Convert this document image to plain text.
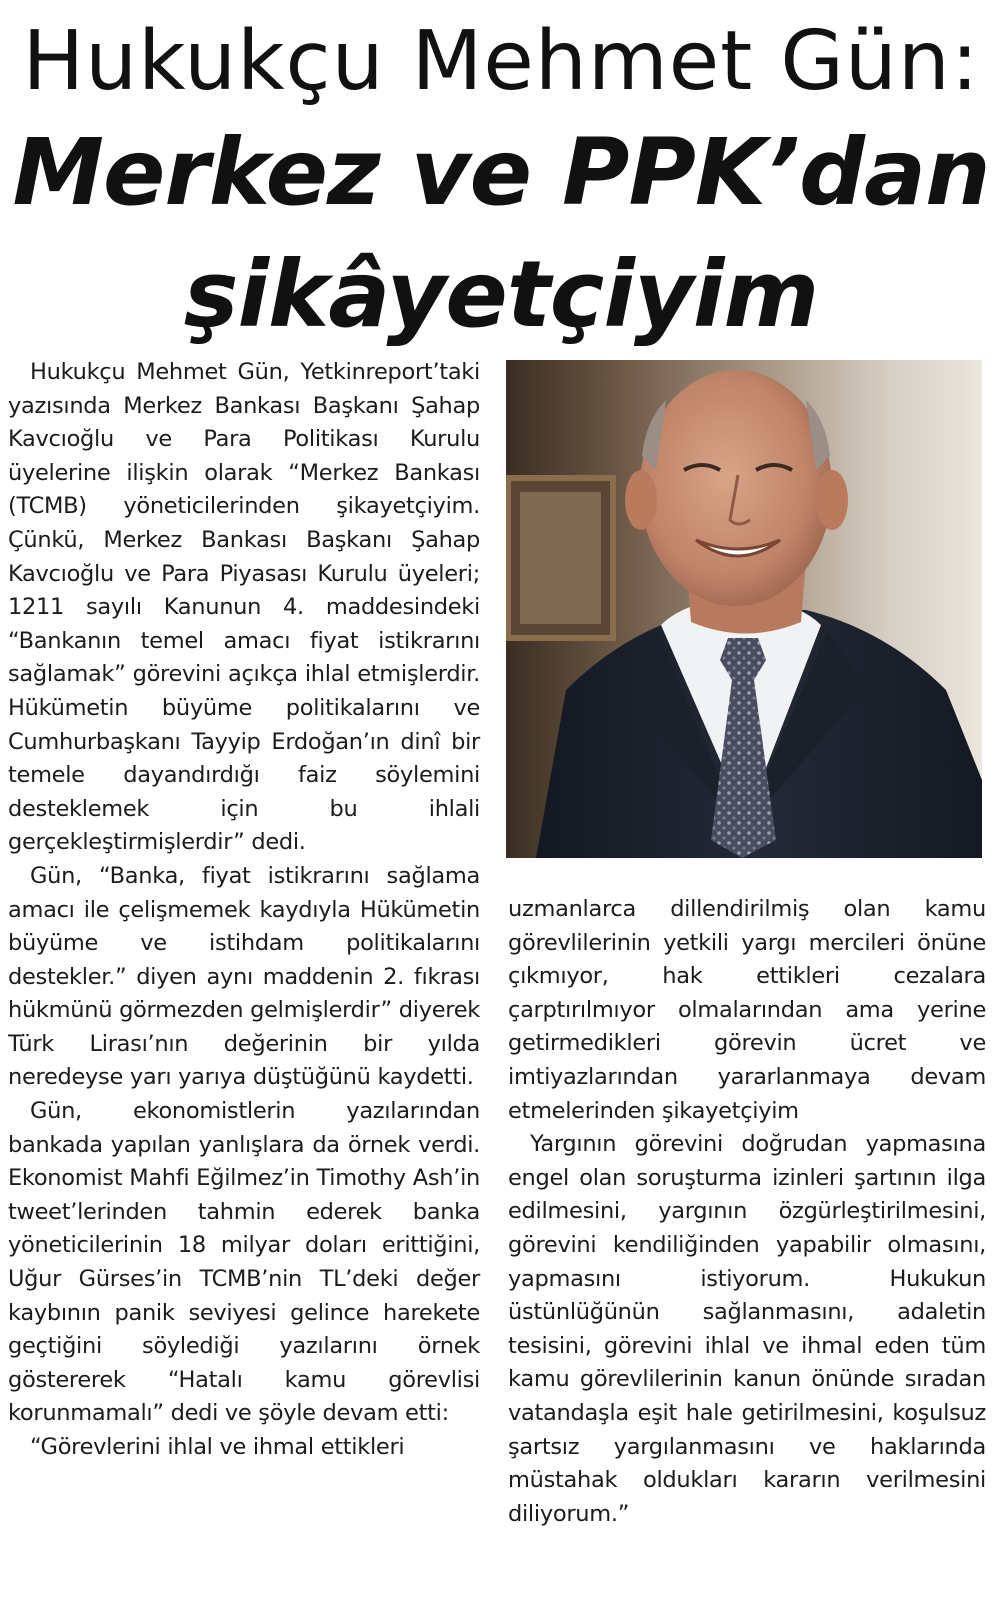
Hukukçu Mehmet Gün:
Merkez ve PPK’dan
şikâyetçiyim

Hukukçu Mehmet Gün, Yetkinreport’taki yazısında Merkez Bankası Başkanı Şahap Kavcıoğlu ve Para Politikası Kurulu üyelerine ilişkin olarak “Merkez Bankası (TCMB) yöneticilerinden şikayetçiyim. Çünkü, Merkez Bankası Başkanı Şahap Kavcıoğlu ve Para Piyasası Kurulu üyeleri; 1211 sayılı Kanunun 4. maddesindeki “Bankanın temel amacı fiyat istikrarını sağlamak” görevini açıkça ihlal etmişlerdir. Hükümetin büyüme politikalarını ve Cumhurbaşkanı Tayyip Erdoğan’ın dinî bir temele dayandırdığı faiz söylemini desteklemek için bu ihlali gerçekleştirmişlerdir” dedi.

Gün, “Banka, fiyat istikrarını sağlama amacı ile çelişmemek kaydıyla Hükümetin büyüme ve istihdam politikalarını destekler.” diyen aynı maddenin 2. fıkrası hükmünü görmezden gelmişlerdir” diyerek Türk Lirası’nın değerinin bir yılda neredeyse yarı yarıya düştüğünü kaydetti.

Gün, ekonomistlerin yazılarından bankada yapılan yanlışlara da örnek verdi. Ekonomist Mahfi Eğilmez’in Timothy Ash’in tweet’lerinden tahmin ederek banka yöneticilerinin 18 milyar doları erittiğini, Uğur Gürses’in TCMB’nin TL’deki değer kaybının panik seviyesi gelince harekete geçtiğini söylediği yazılarını örnek göstererek “Hatalı kamu görevlisi korunmamalı” dedi ve şöyle devam etti:

“Görevlerini ihlal ve ihmal ettikleri

uzmanlarca dillendirilmiş olan kamu görevlilerinin yetkili yargı mercileri önüne çıkmıyor, hak ettikleri cezalara çarptırılmıyor olmalarından ama yerine getirmedikleri görevin ücret ve imtiyazlarından yararlanmaya devam etmelerinden şikayetçiyim

Yargının görevini doğrudan yapmasına engel olan soruşturma izinleri şartının ilga edilmesini, yargının özgürleştirilmesini, görevini kendiliğinden yapabilir olmasını, yapmasını istiyorum. Hukukun üstünlüğünün sağlanmasını, adaletin tesisini, görevini ihlal ve ihmal eden tüm kamu görevlilerinin kanun önünde sıradan vatandaşla eşit hale getirilmesini, koşulsuz şartsız yargılanmasını ve haklarında müstahak oldukları kararın verilmesini diliyorum.”
